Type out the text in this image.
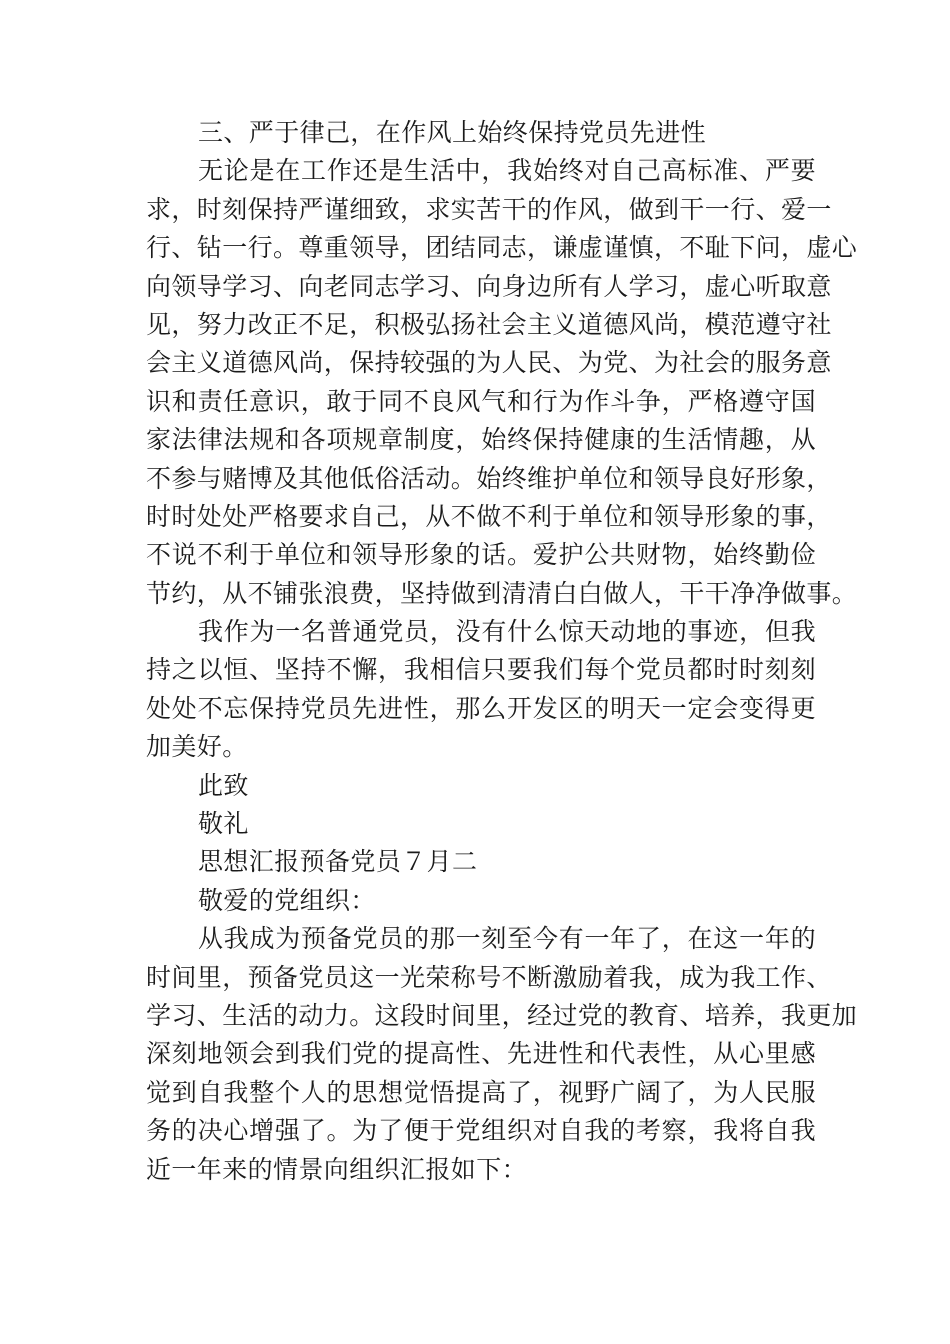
三、严于律己，在作风上始终保持党员先进性
无论是在工作还是生活中，我始终对自己高标准、严要
求，时刻保持严谨细致，求实苦干的作风，做到干一行、爱一
行、钻一行。尊重领导，团结同志，谦虚谨慎，不耻下问，虚心
向领导学习、向老同志学习、向身边所有人学习，虚心听取意
见，努力改正不足，积极弘扬社会主义道德风尚，模范遵守社
会主义道德风尚，保持较强的为人民、为党、为社会的服务意
识和责任意识，敢于同不良风气和行为作斗争，严格遵守国
家法律法规和各项规章制度，始终保持健康的生活情趣，从
不参与赌博及其他低俗活动。始终维护单位和领导良好形象，
时时处处严格要求自己，从不做不利于单位和领导形象的事，
不说不利于单位和领导形象的话。爱护公共财物，始终勤俭
节约，从不铺张浪费，坚持做到清清白白做人，干干净净做事。
我作为一名普通党员，没有什么惊天动地的事迹，但我
持之以恒、坚持不懈，我相信只要我们每个党员都时时刻刻
处处不忘保持党员先进性，那么开发区的明天一定会变得更
加美好。
此致
敬礼
思想汇报预备党员７月二
敬爱的党组织：
从我成为预备党员的那一刻至今有一年了，在这一年的
时间里，预备党员这一光荣称号不断激励着我，成为我工作、
学习、生活的动力。这段时间里，经过党的教育、培养，我更加
深刻地领会到我们党的提高性、先进性和代表性，从心里感
觉到自我整个人的思想觉悟提高了，视野广阔了，为人民服
务的决心增强了。为了便于党组织对自我的考察，我将自我
近一年来的情景向组织汇报如下：
